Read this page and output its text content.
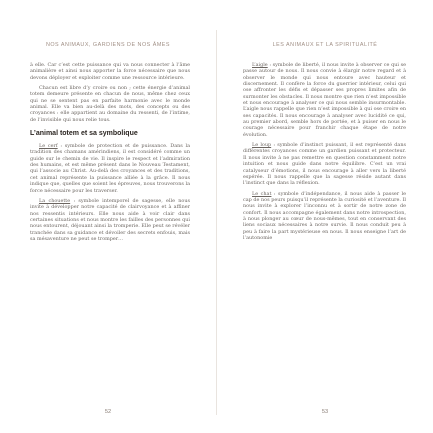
NOS ANIMAUX, GARDIENS DE NOS ÂMES

à elle. Car c’est cette puissance qui va nous connecter à l’âme animalière et ainsi nous apporter la force nécessaire que nous devons déployer et exploiter comme une ressource intérieure.

Chacun est libre d’y croire ou non ; cette énergie d’animal totem demeure présente en chacun de nous, même chez ceux qui ne se sentent pas en parfaite harmonie avec le monde animal. Elle va bien au-delà des mots, des concepts ou des croyances : elle appartient au domaine du ressenti, de l’intime, de l’invisible qui nous relie tous.

L’animal totem et sa symbolique

Le cerf : symbole de protection et de puissance. Dans la tradition des chamans amérindiens, il est considéré comme un guide sur le chemin de vie. Il inspire le respect et l’admiration des humains, et est même présent dans le Nouveau Testament, qui l’associe au Christ. Au-delà des croyances et des traditions, cet animal représente la puissance alliée à la grâce. Il nous indique que, quelles que soient les épreuves, nous trouverons la force nécessaire pour les traverser.

La chouette : symbole intemporel de sagesse, elle nous invite à développer notre capacité de clairvoyance et à affiner nos ressentis intérieurs. Elle nous aide à voir clair dans certaines situations et nous montre les failles des personnes qui nous entourent, déjouant ainsi la tromperie. Elle peut se révéler tranchée dans sa guidance et dévoiler des secrets enfouis, mais sa mésaventure ne peut se tromper…

52
LES ANIMAUX ET LA SPIRITUALITÉ

L’aigle : symbole de liberté, il nous invite à observer ce qui se passe autour de nous. Il nous convie à élargir notre regard et à observer le monde qui nous entoure avec hauteur et discernement. Il confère la force du guerrier intérieur, celui qui ose affronter les défis et dépasser ses propres limites afin de surmonter les obstacles. Il nous montre que rien n’est impossible et nous encourage à analyser ce qui nous semble insurmontable. L’aigle nous rappelle que rien n’est impossible à qui ose croire en ses capacités. Il nous encourage à analyser avec lucidité ce qui, au premier abord, semble hors de portée, et à puiser en nous le courage nécessaire pour franchir chaque étape de notre évolution.

Le loup : symbole d’instinct puissant, il est représenté dans différentes croyances comme un gardien puissant et protecteur. Il nous invite à ne pas remettre en question constamment notre intuition et nous guide dans notre équilibre. C’est un vrai catalyseur d’émotions, il nous encourage à aller vers la liberté espérée. Il nous rappelle que la sagesse réside autant dans l’instinct que dans la réflexion.

Le chat : symbole d’indépendance, il nous aide à passer le cap de nos peurs puisqu’il représente la curiosité et l’aventure. Il nous invite à explorer l’inconnu et à sortir de notre zone de confort. Il nous accompagne également dans notre introspection, à nous plonger au cœur de nous-mêmes, tout en conservant des liens sociaux nécessaires à notre survie. Il nous conduit peu à peu à faire la part mystérieuse en nous. Il nous enseigne l’art de l’autonomie

53
